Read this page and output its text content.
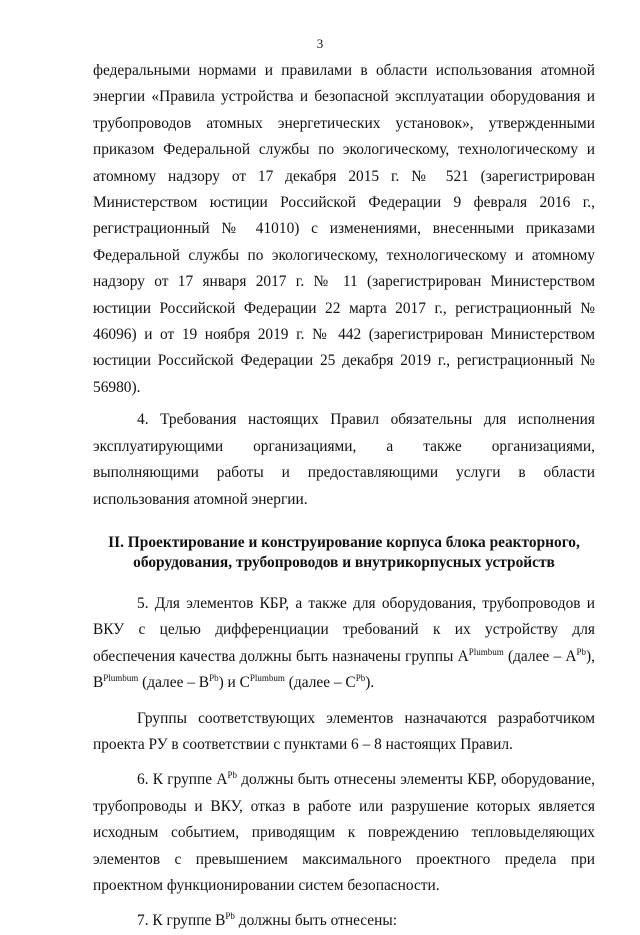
3

федеральными нормами и правилами в области использования атомной энергии «Правила устройства и безопасной эксплуатации оборудования и трубопроводов атомных энергетических установок», утвержденными приказом Федеральной службы по экологическому, технологическому и атомному надзору от 17 декабря 2015 г. № 521 (зарегистрирован Министерством юстиции Российской Федерации 9 февраля 2016 г., регистрационный № 41010) с изменениями, внесенными приказами Федеральной службы по экологическому, технологическому и атомному надзору от 17 января 2017 г. № 11 (зарегистрирован Министерством юстиции Российской Федерации 22 марта 2017 г., регистрационный № 46096) и от 19 ноября 2019 г. № 442 (зарегистрирован Министерством юстиции Российской Федерации 25 декабря 2019 г., регистрационный № 56980).

4. Требования настоящих Правил обязательны для исполнения эксплуатирующими организациями, а также организациями, выполняющими работы и предоставляющими услуги в области использования атомной энергии.

II. Проектирование и конструирование корпуса блока реакторного,
оборудования, трубопроводов и внутрикорпусных устройств

5. Для элементов КБР, а также для оборудования, трубопроводов и ВКУ с целью дифференциации требований к их устройству для обеспечения качества должны быть назначены группы $A^{Plumbum}$ (далее – $A^{Pb}$), $B^{Plumbum}$ (далее – $B^{Pb}$) и $C^{Plumbum}$ (далее – $C^{Pb}$).

Группы соответствующих элементов назначаются разработчиком проекта РУ в соответствии с пунктами 6 – 8 настоящих Правил.

6. К группе $A^{Pb}$ должны быть отнесены элементы КБР, оборудование, трубопроводы и ВКУ, отказ в работе или разрушение которых является исходным событием, приводящим к повреждению тепловыделяющих элементов с превышением максимального проектного предела при проектном функционировании систем безопасности.

7. К группе $B^{Pb}$ должны быть отнесены:
